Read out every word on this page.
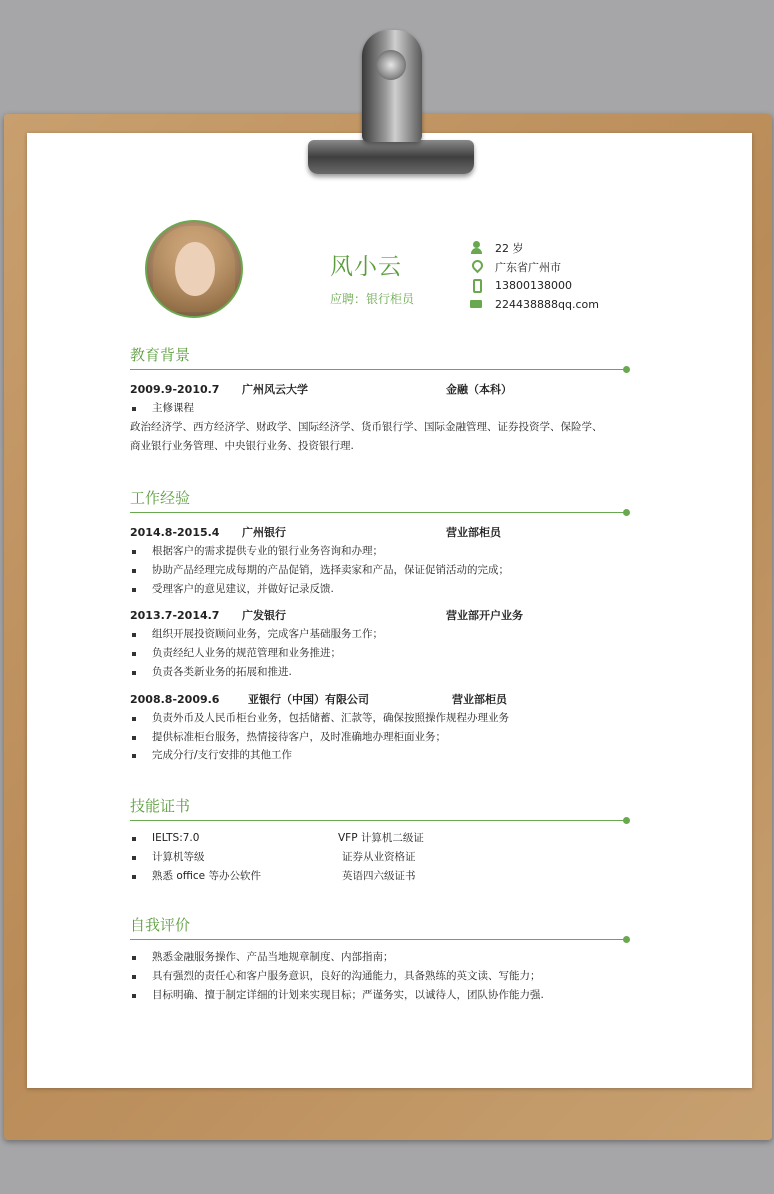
风小云
应聘：银行柜员
22 岁
广东省广州市
13800138000
224438888qq.com
教育背景
2009.9-2010.7	广州风云大学	金融（本科）
主修课程
政治经济学、西方经济学、财政学、国际经济学、货币银行学、国际金融管理、证券投资学、保险学、
商业银行业务管理、中央银行业务、投资银行理.
工作经验
2014.8-2015.4	广州银行	营业部柜员
根据客户的需求提供专业的银行业务咨询和办理；
协助产品经理完成每期的产品促销，选择卖家和产品，保证促销活动的完成；
受理客户的意见建议，并做好记录反馈.
2013.7-2014.7	广发银行	营业部开户业务
组织开展投资顾问业务，完成客户基础服务工作；
负责经纪人业务的规范管理和业务推进；
负责各类新业务的拓展和推进.
2008.8-2009.6	亚银行（中国）有限公司	营业部柜员
负责外币及人民币柜台业务，包括储蓄、汇款等，确保按照操作规程办理业务
提供标准柜台服务，热情接待客户，及时准确地办理柜面业务；
完成分行/支行安排的其他工作
技能证书
IELTS:7.0	VFP 计算机二级证
计算机等级	证券从业资格证
熟悉 office 等办公软件	英语四六级证书
自我评价
熟悉金融服务操作、产品当地规章制度、内部指南；
具有强烈的责任心和客户服务意识，良好的沟通能力，具备熟练的英文读、写能力；
目标明确、擅于制定详细的计划来实现目标；严谨务实，以诚待人，团队协作能力强.
